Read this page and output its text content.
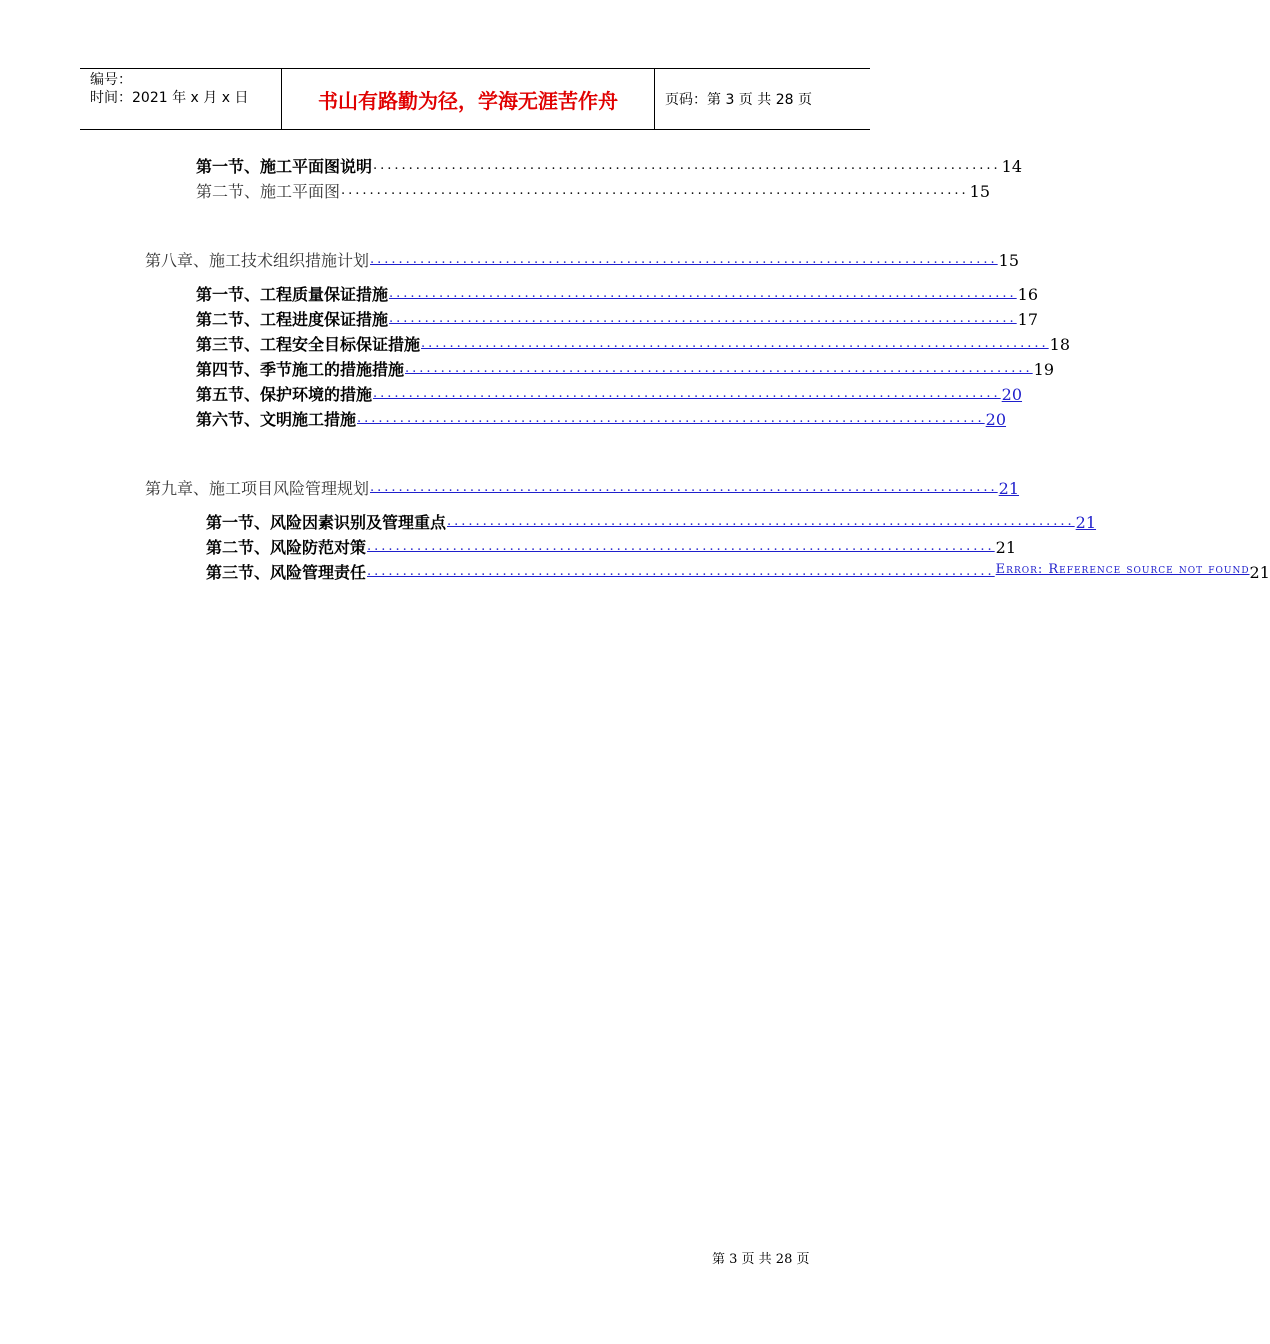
编号：
时间：2021 年 x 月 x 日	书山有路勤为径，学海无涯苦作舟	页码：第 3 页 共 28 页
第一节、施工平面图说明 ........................................................................................ 14
第二节、施工平面图 ........................................................................................ 15
第八章、施工技术组织措施计划 ........................................................................................ 15
第一节、工程质量保证措施 ........................................................................................ 16
第二节、工程进度保证措施 ........................................................................................ 17
第三节、工程安全目标保证措施 ........................................................................................ 18
第四节、季节施工的措施措施 ........................................................................................ 19
第五节、保护环境的措施 ........................................................................................ 20
第六节、文明施工措施 ........................................................................................ 20
第九章、施工项目风险管理规划 ........................................................................................ 21
第一节、风险因素识别及管理重点 ........................................................................................ 21
第二节、风险防范对策 ........................................................................................ 21
第三节、风险管理责任 ........................................................................................ Error: Reference source not found 21
第 3 页 共 28 页
